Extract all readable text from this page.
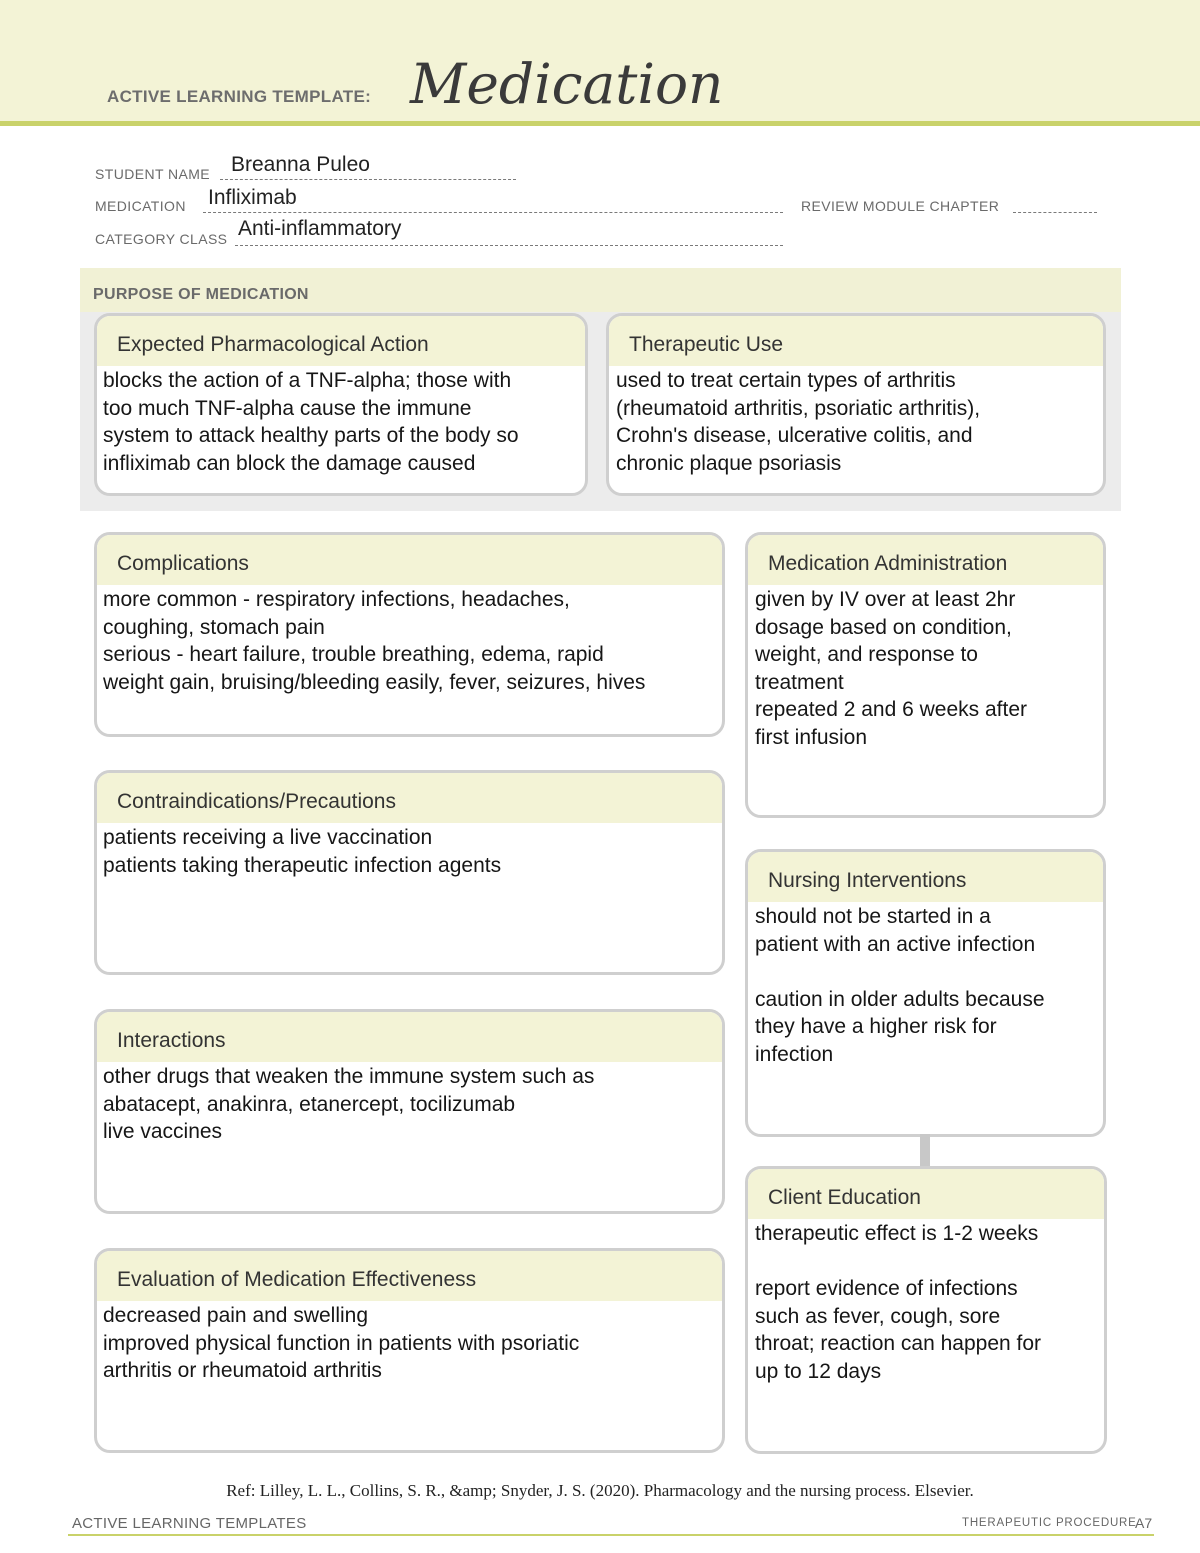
ACTIVE LEARNING TEMPLATE: Medication
STUDENT NAME Breanna Puleo
MEDICATION Infliximab	REVIEW MODULE CHAPTER
CATEGORY CLASS Anti-inflammatory
PURPOSE OF MEDICATION
Expected Pharmacological Action
blocks the action of a TNF-alpha; those with
too much TNF-alpha cause the immune
system to attack healthy parts of the body so
infliximab can block the damage caused
Therapeutic Use
used to treat certain types of arthritis
(rheumatoid arthritis, psoriatic arthritis),
Crohn's disease, ulcerative colitis, and
chronic plaque psoriasis
Complications
more common - respiratory infections, headaches,
coughing, stomach pain
serious - heart failure, trouble breathing, edema, rapid
weight gain, bruising/bleeding easily, fever, seizures, hives
Contraindications/Precautions
patients receiving a live vaccination
patients taking therapeutic infection agents
Interactions
other drugs that weaken the immune system such as
abatacept, anakinra, etanercept, tocilizumab
live vaccines
Evaluation of Medication Effectiveness
decreased pain and swelling
improved physical function in patients with psoriatic
arthritis or rheumatoid arthritis
Medication Administration
given by IV over at least 2hr
dosage based on condition,
weight, and response to
treatment
repeated 2 and 6 weeks after
first infusion
Nursing Interventions
should not be started in a
patient with an active infection

caution in older adults because
they have a higher risk for
infection
Client Education
therapeutic effect is 1-2 weeks

report evidence of infections
such as fever, cough, sore
throat; reaction can happen for
up to 12 days
Ref: Lilley, L. L., Collins, S. R., &amp; Snyder, J. S. (2020). Pharmacology and the nursing process. Elsevier.
ACTIVE LEARNING TEMPLATES	THERAPEUTIC PROCEDURE
A7
